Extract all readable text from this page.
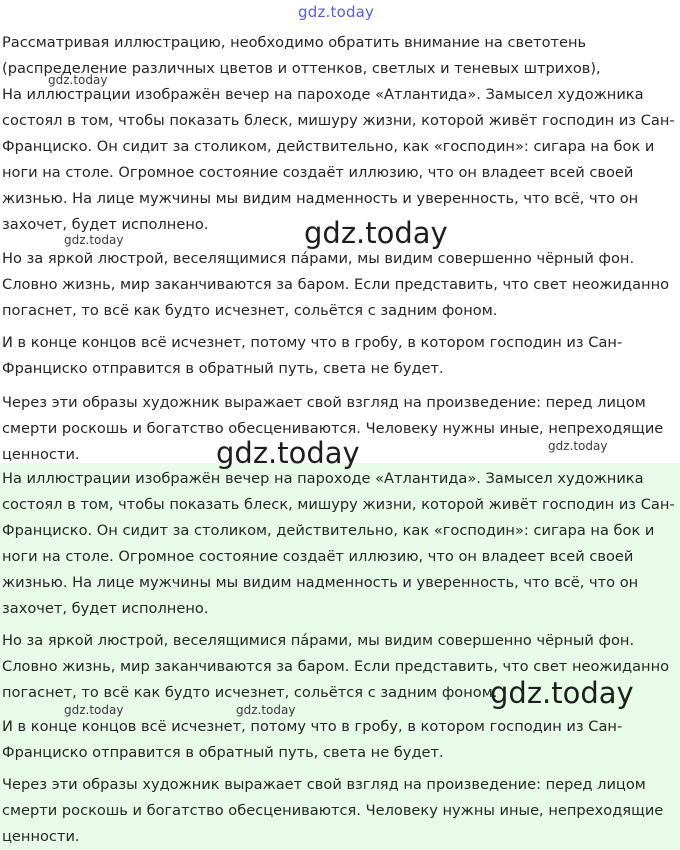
gdz.today

Рассматривая иллюстрацию, необходимо обратить внимание на светотень (распределение различных цветов и оттенков, светлых и теневых штрихов),

На иллюстрации изображён вечер на пароходе «Атлантида». Замысел художника состоял в том, чтобы показать блеск, мишуру жизни, которой живёт господин из Сан-Франциско. Он сидит за столиком, действительно, как «господин»: сигара на бок и ноги на столе. Огромное состояние создаёт иллюзию, что он владеет всей своей жизнью. На лице мужчины мы видим надменность и уверенность, что всё, что он захочет, будет исполнено.

Но за яркой люстрой, веселящимися пáрами, мы видим совершенно чёрный фон. Словно жизнь, мир заканчиваются за баром. Если представить, что свет неожиданно погаснет, то всё как будто исчезнет, сольётся с задним фоном.

И в конце концов всё исчезнет, потому что в гробу, в котором господин из Сан-Франциско отправится в обратный путь, света не будет.

Через эти образы художник выражает свой взгляд на произведение: перед лицом смерти роскошь и богатство обесцениваются. Человеку нужны иные, непреходящие ценности.

На иллюстрации изображён вечер на пароходе «Атлантида». Замысел художника состоял в том, чтобы показать блеск, мишуру жизни, которой живёт господин из Сан-Франциско. Он сидит за столиком, действительно, как «господин»: сигара на бок и ноги на столе. Огромное состояние создаёт иллюзию, что он владеет всей своей жизнью. На лице мужчины мы видим надменность и уверенность, что всё, что он захочет, будет исполнено.

Но за яркой люстрой, веселящимися пáрами, мы видим совершенно чёрный фон. Словно жизнь, мир заканчиваются за баром. Если представить, что свет неожиданно погаснет, то всё как будто исчезнет, сольётся с задним фоном.

И в конце концов всё исчезнет, потому что в гробу, в котором господин из Сан-Франциско отправится в обратный путь, света не будет.

Через эти образы художник выражает свой взгляд на произведение: перед лицом смерти роскошь и богатство обесцениваются. Человеку нужны иные, непреходящие ценности.

gdz.today
gdz.today	gdz.today
gdz.today
gdz.today
gdz.today
gdz.today	gdz.today
